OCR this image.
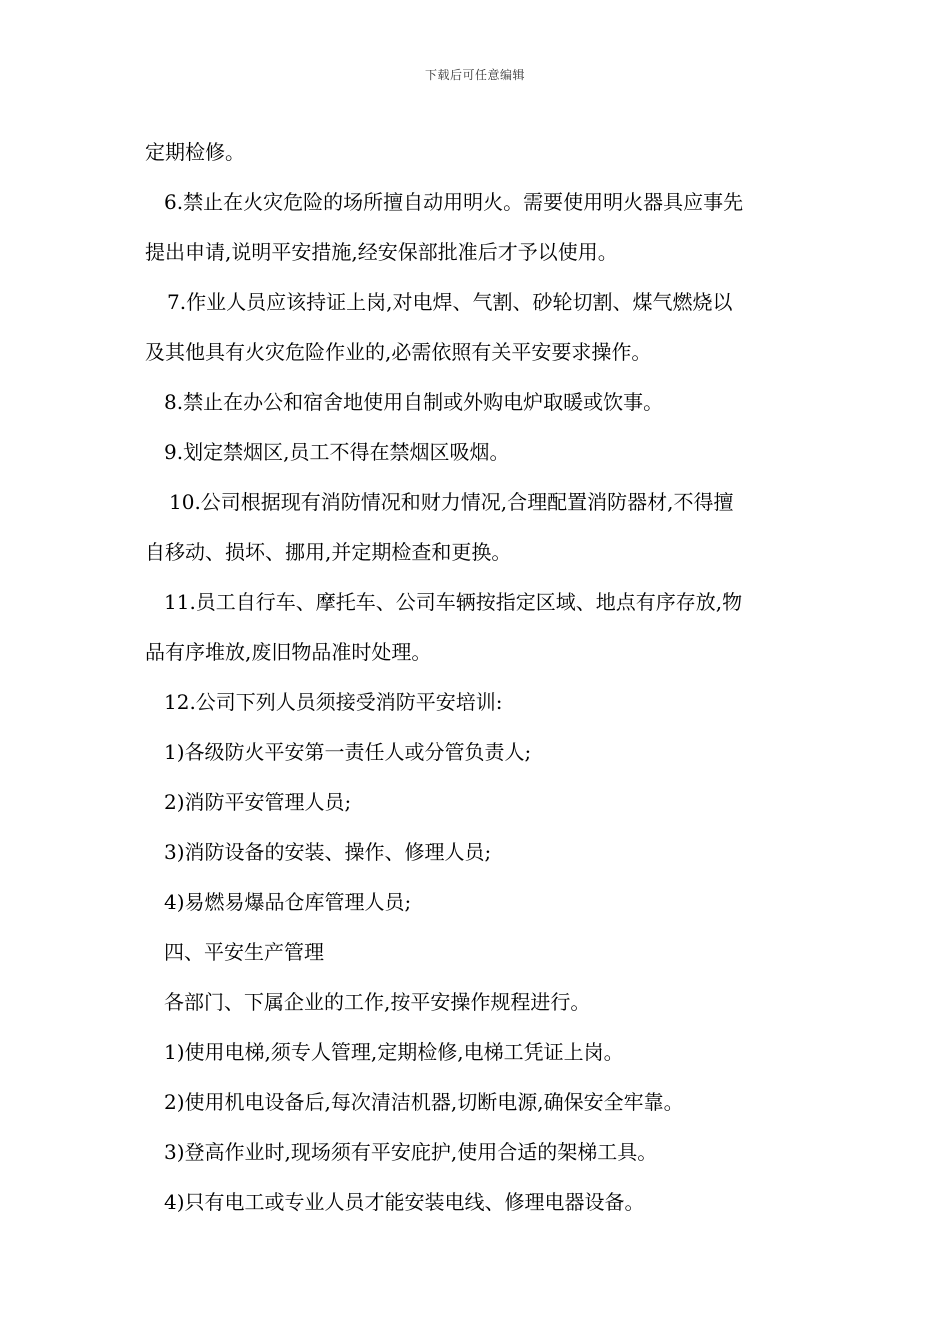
下载后可任意编辑
定期检修。
6.禁止在火灾危险的场所擅自动用明火。需要使用明火器具应事先
提出申请,说明平安措施,经安保部批准后才予以使用。
7.作业人员应该持证上岗,对电焊、气割、砂轮切割、煤气燃烧以
及其他具有火灾危险作业的,必需依照有关平安要求操作。
8.禁止在办公和宿舍地使用自制或外购电炉取暖或饮事。
9.划定禁烟区,员工不得在禁烟区吸烟。
10.公司根据现有消防情况和财力情况,合理配置消防器材,不得擅
自移动、损坏、挪用,并定期检查和更换。
11.员工自行车、摩托车、公司车辆按指定区域、地点有序存放,物
品有序堆放,废旧物品准时处理。
12.公司下列人员须接受消防平安培训:
1)各级防火平安第一责任人或分管负责人;
2)消防平安管理人员;
3)消防设备的安装、操作、修理人员;
4)易燃易爆品仓库管理人员;
四、平安生产管理
各部门、下属企业的工作,按平安操作规程进行。
1)使用电梯,须专人管理,定期检修,电梯工凭证上岗。
2)使用机电设备后,每次清洁机器,切断电源,确保安全牢靠。
3)登高作业时,现场须有平安庇护,使用合适的架梯工具。
4)只有电工或专业人员才能安装电线、修理电器设备。
